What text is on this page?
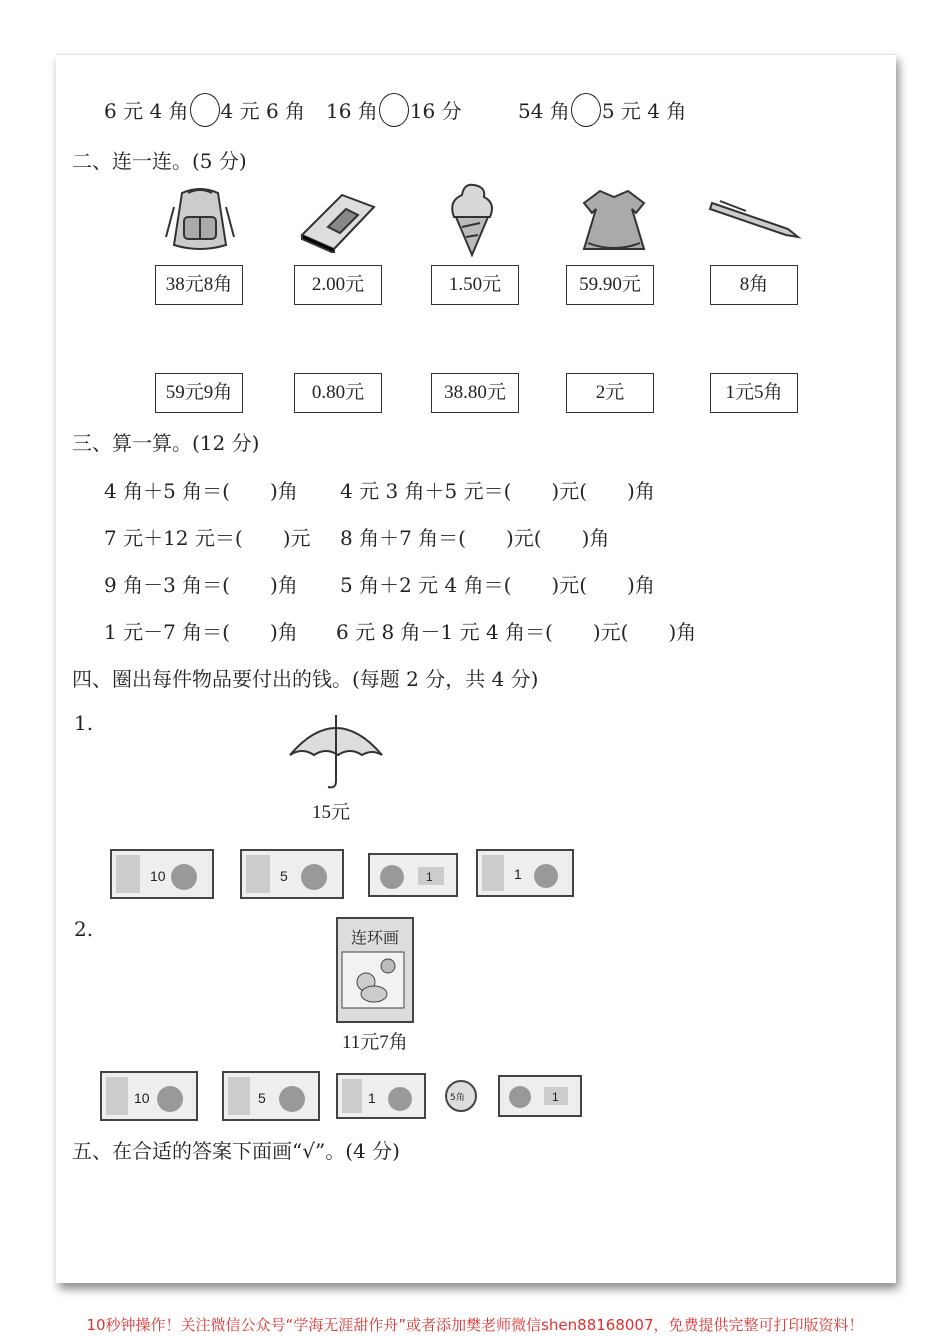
6 元 4 角 4 元 6 角 16 角 16 分	54 角 5 元 4 角
二、连一连。(5 分)
38元8角	2.00元	1.50元	59.90元	8角
59元9角	0.80元	38.80元	2元	1元5角
三、算一算。(12 分)
4 角＋5 角＝(　　)角 4 元 3 角＋5 元＝(　　)元(　　)角
7 元＋12 元＝(　　)元 8 角＋7 角＝(　　)元(　　)角
9 角－3 角＝(　　)角 5 角＋2 元 4 角＝(　　)元(　　)角
1 元－7 角＝(　　)角 6 元 8 角－1 元 4 角＝(　　)元(　　)角
四、圈出每件物品要付出的钱。(每题 2 分，共 4 分)
1.
15元
10	5	1	1
2.	连环画
11元7角
10	5	1	5角	1
五、在合适的答案下面画“√”。(4 分)
10秒钟操作！关注微信公众号“学海无涯甜作舟”或者添加樊老师微信shen88168007，免费提供完整可打印版资料！
